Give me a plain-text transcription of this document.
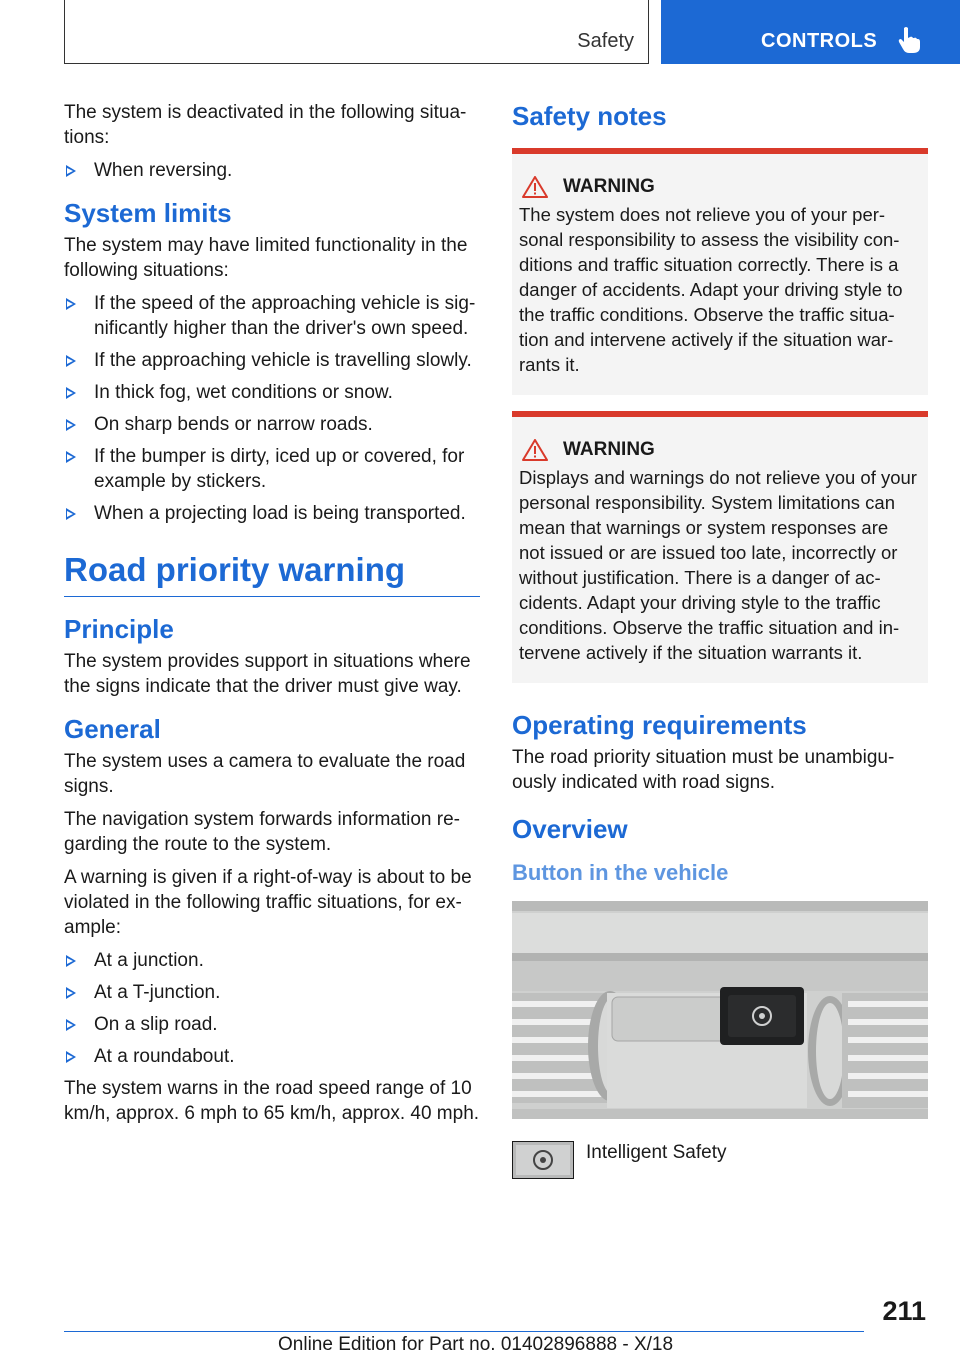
Safety	CONTROLS

The system is deactivated in the following situa‐tions:

When reversing.
System limits

The system may have limited functionality in the following situations:

If the speed of the approaching vehicle is sig‐nificantly higher than the driver's own speed.
If the approaching vehicle is travelling slowly.
In thick fog, wet conditions or snow.
On sharp bends or narrow roads.
If the bumper is dirty, iced up or covered, for example by stickers.
When a projecting load is being transported.
Road priority warning
Principle

The system provides support in situations where the signs indicate that the driver must give way.

General

The system uses a camera to evaluate the road signs.

The navigation system forwards information re‐garding the route to the system.

A warning is given if a right-of-way is about to be violated in the following traffic situations, for ex‐ample:

At a junction.
At a T-junction.
On a slip road.
At a roundabout.

The system warns in the road speed range of 10 km/h, approx. 6 mph to 65 km/h, approx. 40 mph.

Safety notes
WARNING

The system does not relieve you of your per‐sonal responsibility to assess the visibility con‐ditions and traffic situation correctly. There is a danger of accidents. Adapt your driving style to the traffic conditions. Observe the traffic situa‐tion and intervene actively if the situation war‐rants it.

WARNING

Displays and warnings do not relieve you of your personal responsibility. System limitations can mean that warnings or system responses are not issued or are issued too late, incorrectly or without justification. There is a danger of ac‐cidents. Adapt your driving style to the traffic conditions. Observe the traffic situation and in‐tervene actively if the situation warrants it.

Operating requirements

The road priority situation must be unambigu‐ously indicated with road signs.

Overview
Button in the vehicle
Intelligent Safety
211
Online Edition for Part no. 01402896888 - X/18
